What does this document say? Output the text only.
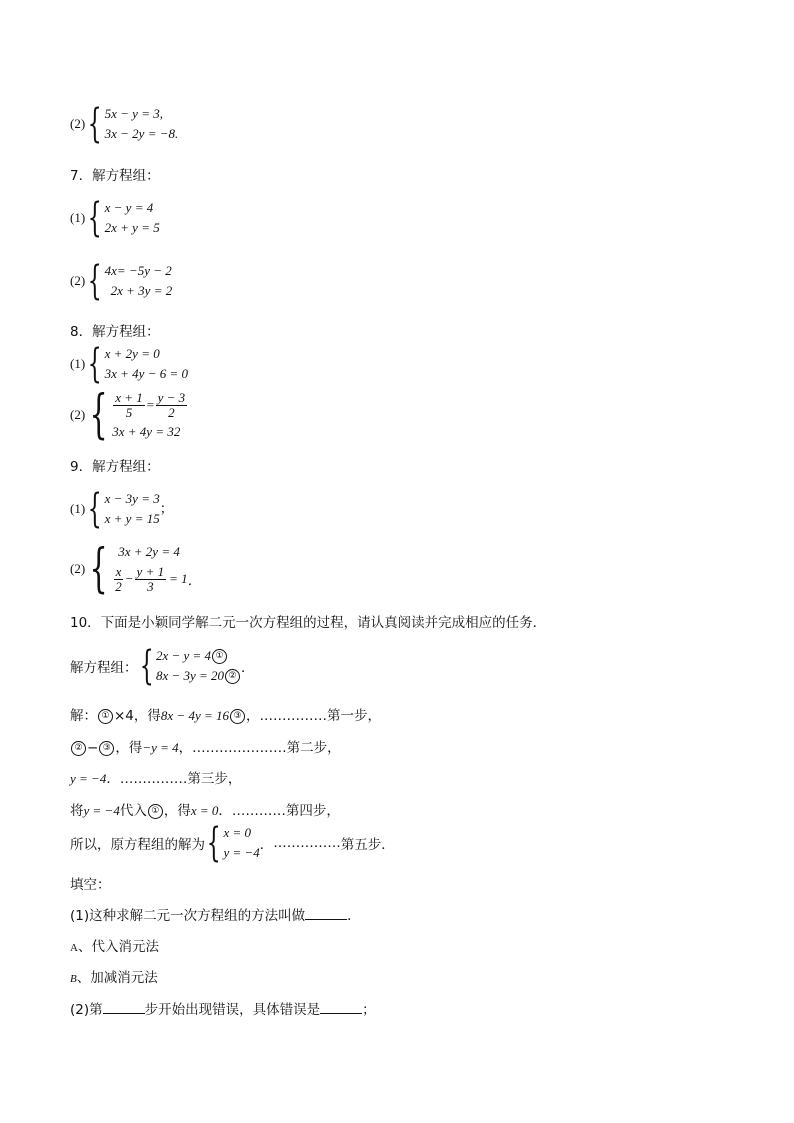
(2) { 5x − y = 3,
3x − 2y = −8.
7．解方程组：
(1) { x − y = 4
2x + y = 5
(2) { 4x= −5y − 2
2x + 3y = 2
8．解方程组：
(1) { x + 2y = 0
3x + 4y − 6 = 0
(2) { $\frac{x + 1}{5} = \frac{y - 3}{2}$
3x + 4y = 32
9．解方程组：
(1) { x − 3y = 3
x + y = 15
；
(2) { 3x + 2y = 4
$\frac{x}{2} - \frac{y + 1}{3} = 1$ ．
10．下面是小颖同学解二元一次方程组的过程，请认真阅读并完成相应的任务．
解方程组： { 2x − y = 4 ①
8x − 3y = 20 ② ．
解： ① ×4，得8x − 4y = 16 ③ ，……………第一步，
② − ③ ，得−y = 4，…………………第二步，
y = −4．……………第三步，
将y = −4代入 ① ，得x = 0．…………第四步，
所以，原方程组的解为 { x = 0
y = −4 ． …………… 第五步．
填空：
(1)这种求解二元一次方程组的方法叫做	．
A、代入消元法
B、加减消元法
(2)第	步开始出现错误，具体错误是	；
